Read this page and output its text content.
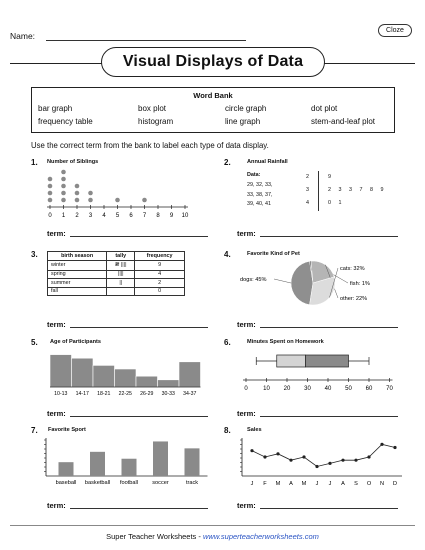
Name:
Cloze
Visual Displays of Data
Word Bank
bar graph	box plot	circle graph	dot plot
frequency table	histogram	line graph	stem-and-leaf plot
Use the correct term from the bank to label each type of data display.
1. Number of Siblings
0 1 2 3 4 5 6 7 8 9 10
term:
2.	Annual Rainfall
Data:
29, 32, 33,
33, 38, 37,
39, 40, 41
2	9
3	2 3 3 7 8 9
4	0 1
term:
3.	birth season	tally	frequency
winter	𝍸 ||||	9
spring	||||	4
summer	||	2
fall		0
term:
4.	Favorite Kind of Pet
dogs: 45%
fish: 1%
other: 22%
cats: 32%
term:
5. Age of Participants
10-13 14-17 18-21 22-25 26-29 30-33 34-37
term:
6.	Minutes Spent on Homework
0	10 20 30 40 50 60 70
term:
7. Favorite Sport
baseball basketball football	soccer	track
term:
8.	Sales
J F M A M J J A S O N D
term:
Super Teacher Worksheets - www.superteacherworksheets.com
